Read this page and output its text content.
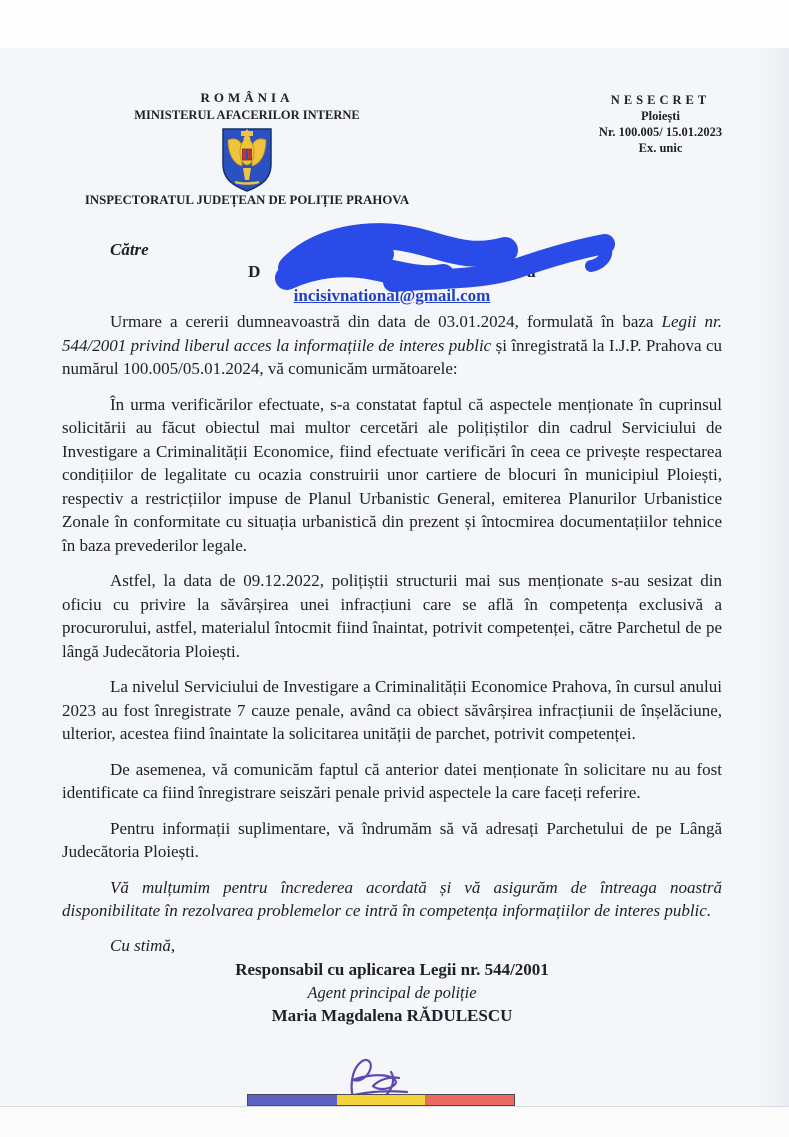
ROMÂNIA
MINISTERUL AFACERILOR INTERNE
INSPECTORATUL JUDEȚEAN DE POLIȚIE PRAHOVA
NESECRET
Ploiești
Nr. 100.005/ 15.01.2023
Ex. unic
Către
D	u
incisivnational@gmail.com

Urmare a cererii dumneavoastră din data de 03.01.2024, formulată în baza Legii nr. 544/2001 privind liberul acces la informațiile de interes public și înregistrată la I.J.P. Prahova cu numărul 100.005/05.01.2024, vă comunicăm următoarele:

În urma verificărilor efectuate, s-a constatat faptul că aspectele menționate în cuprinsul solicitării au făcut obiectul mai multor cercetări ale polițiștilor din cadrul Serviciului de Investigare a Criminalității Economice, fiind efectuate verificări în ceea ce privește respectarea condițiilor de legalitate cu ocazia construirii unor cartiere de blocuri în municipiul Ploiești, respectiv a restricțiilor impuse de Planul Urbanistic General, emiterea Planurilor Urbanistice Zonale în conformitate cu situația urbanistică din prezent și întocmirea documentațiilor tehnice în baza prevederilor legale.

Astfel, la data de 09.12.2022, polițiștii structurii mai sus menționate s-au sesizat din oficiu cu privire la săvârșirea unei infracțiuni care se află în competența exclusivă a procurorului, astfel, materialul întocmit fiind înaintat, potrivit competenței, către Parchetul de pe lângă Judecătoria Ploiești.

La nivelul Serviciului de Investigare a Criminalității Economice Prahova, în cursul anului 2023 au fost înregistrate 7 cauze penale, având ca obiect săvârșirea infracțiunii de înșelăciune, ulterior, acestea fiind înaintate la solicitarea unității de parchet, potrivit competenței.

De asemenea, vă comunicăm faptul că anterior datei menționate în solicitare nu au fost identificate ca fiind înregistrare seiszări penale privid aspectele la care faceți referire.

Pentru informații suplimentare, vă îndrumăm să vă adresați Parchetului de pe Lângă Judecătoria Ploiești.

Vă mulțumim pentru încrederea acordată și vă asigurăm de întreaga noastră disponibilitate în rezolvarea problemelor ce intră în competența informațiilor de interes public.

Cu stimă,
Responsabil cu aplicarea Legii nr. 544/2001
Agent principal de poliție
Maria Magdalena RĂDULESCU
